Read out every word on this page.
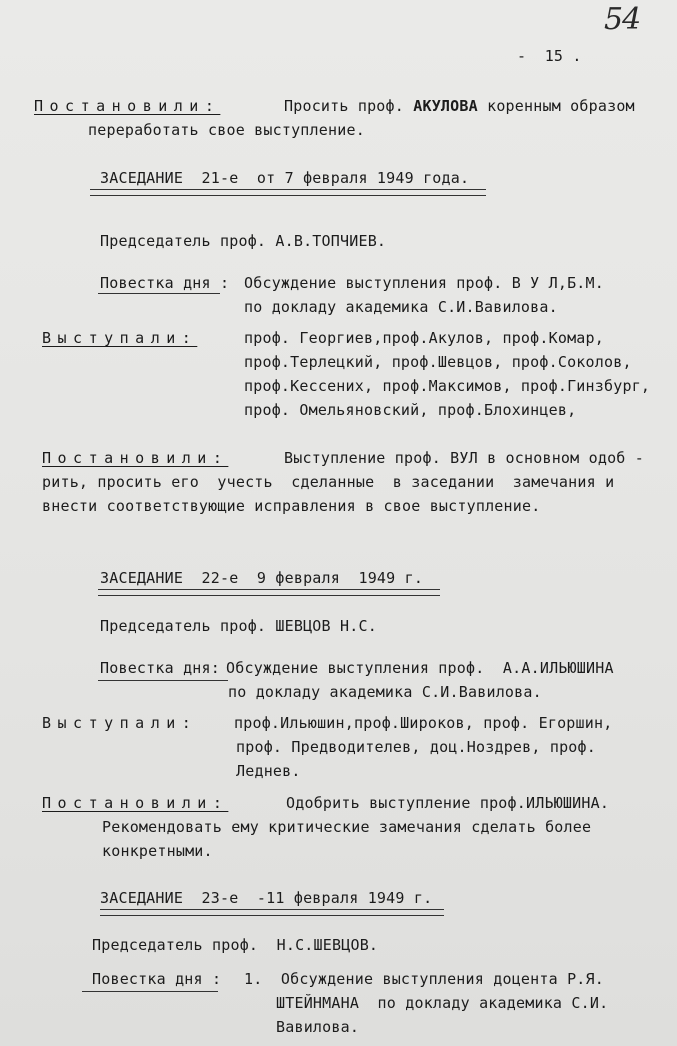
54
-  15 .
Постановили:	Просить проф. АКУЛОВА коренным образом
переработать свое выступление.
ЗАСЕДАНИЕ  21-е  от 7 февраля 1949 года.
Председатель проф. А.В.ТОПЧИЕВ.
Повестка дня : Обсуждение выступления проф. В У Л,Б.М.
по докладу академика С.И.Вавилова.
Выступали:	проф. Георгиев,проф.Акулов, проф.Комар,
проф.Терлецкий, проф.Шевцов, проф.Соколов,
проф.Кессених, проф.Максимов, проф.Гинзбург,
проф. Омельяновский, проф.Блохинцев,
Постановили:	Выступление проф. ВУЛ в основном одоб -
рить, просить его  учесть  сделанные  в заседании  замечания и
внести соответствующие исправления в свое выступление.
ЗАСЕДАНИЕ  22-е  9 февраля  1949 г.
Председатель проф. ШЕВЦОВ Н.С.
Повестка дня: Обсуждение выступления проф.  А.А.ИЛЬЮШИНА
по докладу академика С.И.Вавилова.
Выступали: проф.Ильюшин,проф.Широков, проф. Егоршин,
проф. Предводителев, доц.Ноздрев, проф.
Леднев.
Постановили:	Одобрить выступление проф.ИЛЬЮШИНА.
Рекомендовать ему критические замечания сделать более
конкретными.
ЗАСЕДАНИЕ  23-е  -11 февраля 1949 г.
Председатель проф.  Н.С.ШЕВЦОВ.
Повестка дня : 1.  Обсуждение выступления доцента Р.Я.
ШТЕЙНМАНА  по докладу академика С.И.
Вавилова.
